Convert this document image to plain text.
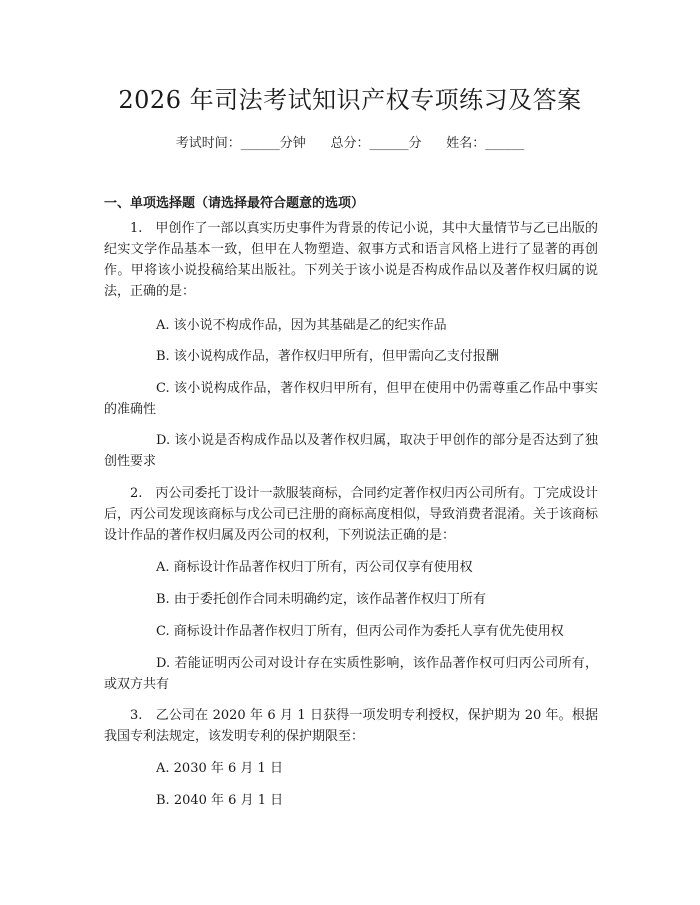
2026 年司法考试知识产权专项练习及答案
考试时间：______分钟      总分：______分      姓名：______
一、单项选择题（请选择最符合题意的选项）

1.　甲创作了一部以真实历史事件为背景的传记小说，其中大量情节与乙已出版的纪实文学作品基本一致，但甲在人物塑造、叙事方式和语言风格上进行了显著的再创作。甲将该小说投稿给某出版社。下列关于该小说是否构成作品以及著作权归属的说法，正确的是：

A. 该小说不构成作品，因为其基础是乙的纪实作品

B. 该小说构成作品，著作权归甲所有，但甲需向乙支付报酬

C. 该小说构成作品，著作权归甲所有，但甲在使用中仍需尊重乙作品中事实的准确性

D. 该小说是否构成作品以及著作权归属，取决于甲创作的部分是否达到了独创性要求

2.　丙公司委托丁设计一款服装商标，合同约定著作权归丙公司所有。丁完成设计后，丙公司发现该商标与戊公司已注册的商标高度相似，导致消费者混淆。关于该商标设计作品的著作权归属及丙公司的权利，下列说法正确的是：

A. 商标设计作品著作权归丁所有，丙公司仅享有使用权

B. 由于委托创作合同未明确约定，该作品著作权归丁所有

C. 商标设计作品著作权归丁所有，但丙公司作为委托人享有优先使用权

D. 若能证明丙公司对设计存在实质性影响，该作品著作权可归丙公司所有，或双方共有

3.　乙公司在 2020 年 6 月 1 日获得一项发明专利授权，保护期为 20 年。根据我国专利法规定，该发明专利的保护期限至：

A. 2030 年 6 月 1 日

B. 2040 年 6 月 1 日
